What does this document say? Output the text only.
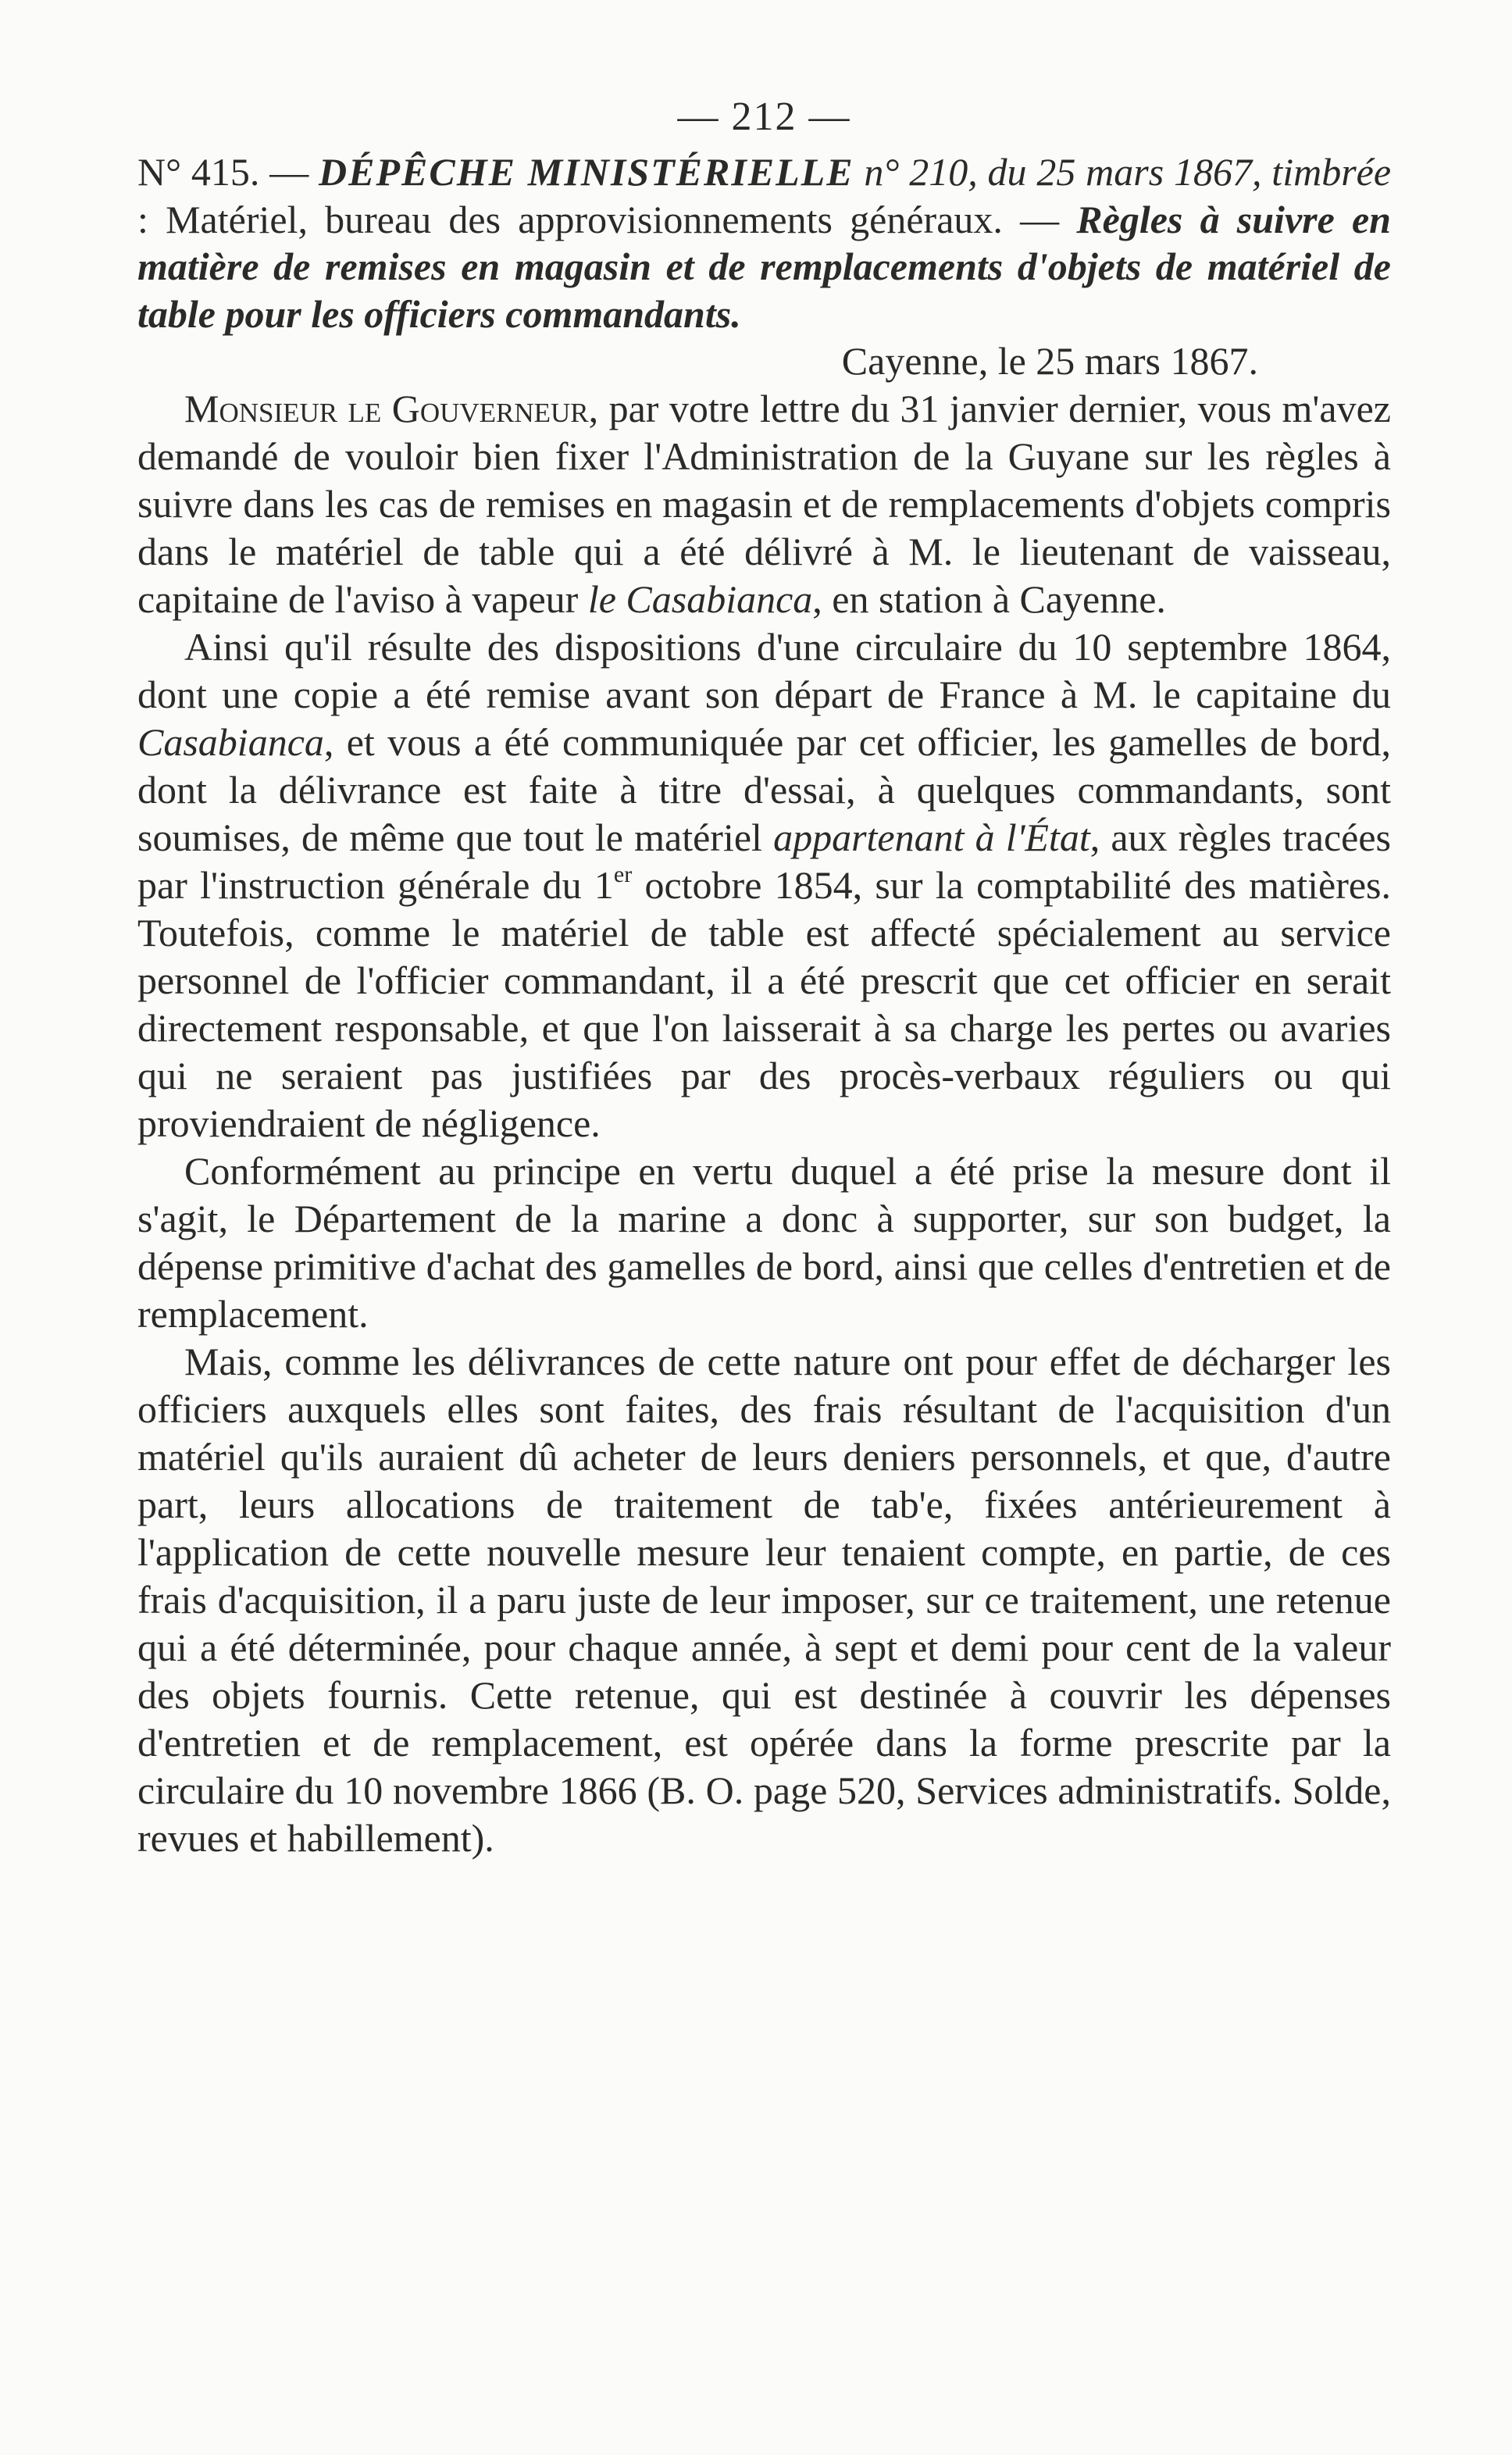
— 212 —

N° 415. — DÉPÊCHE MINISTÉRIELLE n° 210, du 25 mars 1867, timbrée : Matériel, bureau des approvisionnements généraux. — Règles à suivre en matière de remises en magasin et de remplacements d'objets de matériel de table pour les officiers commandants.

Cayenne, le 25 mars 1867.

Monsieur le Gouverneur, par votre lettre du 31 janvier dernier, vous m'avez demandé de vouloir bien fixer l'Administration de la Guyane sur les règles à suivre dans les cas de remises en magasin et de remplacements d'objets compris dans le matériel de table qui a été délivré à M. le lieutenant de vaisseau, capitaine de l'aviso à vapeur le Casabianca, en station à Cayenne.

Ainsi qu'il résulte des dispositions d'une circulaire du 10 septembre 1864, dont une copie a été remise avant son départ de France à M. le capitaine du Casabianca, et vous a été communiquée par cet officier, les gamelles de bord, dont la délivrance est faite à titre d'essai, à quelques commandants, sont soumises, de même que tout le matériel appartenant à l'État, aux règles tracées par l'instruction générale du 1er octobre 1854, sur la comptabilité des matières. Toutefois, comme le matériel de table est affecté spécialement au service personnel de l'officier commandant, il a été prescrit que cet officier en serait directement responsable, et que l'on laisserait à sa charge les pertes ou avaries qui ne seraient pas justifiées par des procès-verbaux réguliers ou qui proviendraient de négligence.

Conformément au principe en vertu duquel a été prise la mesure dont il s'agit, le Département de la marine a donc à supporter, sur son budget, la dépense primitive d'achat des gamelles de bord, ainsi que celles d'entretien et de remplacement.

Mais, comme les délivrances de cette nature ont pour effet de décharger les officiers auxquels elles sont faites, des frais résultant de l'acquisition d'un matériel qu'ils auraient dû acheter de leurs deniers personnels, et que, d'autre part, leurs allocations de traitement de tab'e, fixées antérieurement à l'application de cette nouvelle mesure leur tenaient compte, en partie, de ces frais d'acquisition, il a paru juste de leur imposer, sur ce traitement, une retenue qui a été déterminée, pour chaque année, à sept et demi pour cent de la valeur des objets fournis. Cette retenue, qui est destinée à couvrir les dépenses d'entretien et de remplacement, est opérée dans la forme prescrite par la circulaire du 10 novembre 1866 (B. O. page 520, Services administratifs. Solde, revues et habillement).
